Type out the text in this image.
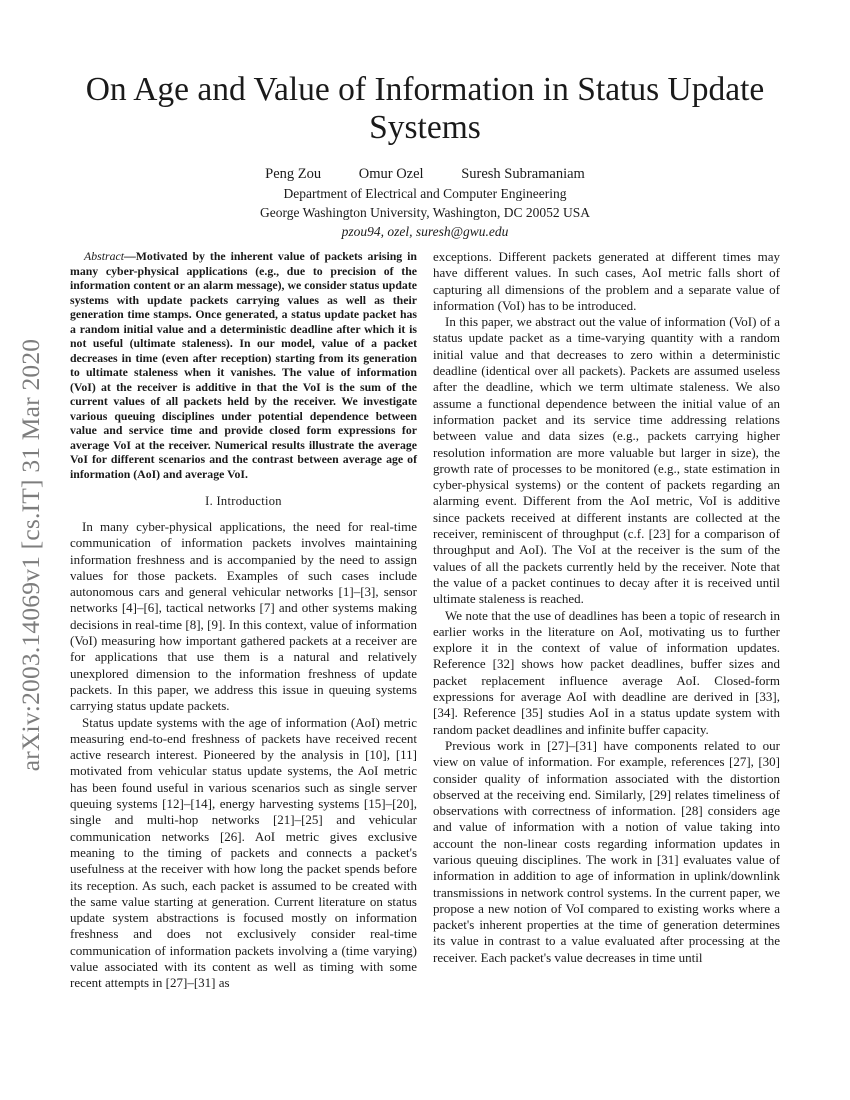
arXiv:2003.14069v1 [cs.IT] 31 Mar 2020
On Age and Value of Information in Status Update Systems
Peng Zou	Omur Ozel	Suresh Subramaniam
Department of Electrical and Computer Engineering
George Washington University, Washington, DC 20052 USA
pzou94, ozel, suresh@gwu.edu

Abstract—Motivated by the inherent value of packets arising in many cyber-physical applications (e.g., due to precision of the information content or an alarm message), we consider status update systems with update packets carrying values as well as their generation time stamps. Once generated, a status update packet has a random initial value and a deterministic deadline after which it is not useful (ultimate staleness). In our model, value of a packet decreases in time (even after reception) starting from its generation to ultimate staleness when it vanishes. The value of information (VoI) at the receiver is additive in that the VoI is the sum of the current values of all packets held by the receiver. We investigate various queuing disciplines under potential dependence between value and service time and provide closed form expressions for average VoI at the receiver. Numerical results illustrate the average VoI for different scenarios and the contrast between average age of information (AoI) and average VoI.

I. Introduction

In many cyber-physical applications, the need for real-time communication of information packets involves maintaining information freshness and is accompanied by the need to assign values for those packets. Examples of such cases include autonomous cars and general vehicular networks [1]–[3], sensor networks [4]–[6], tactical networks [7] and other systems making decisions in real-time [8], [9]. In this context, value of information (VoI) measuring how important gathered packets at a receiver are for applications that use them is a natural and relatively unexplored dimension to the information freshness of update packets. In this paper, we address this issue in queuing systems carrying status update packets.

Status update systems with the age of information (AoI) metric measuring end-to-end freshness of packets have received recent active research interest. Pioneered by the analysis in [10], [11] motivated from vehicular status update systems, the AoI metric has been found useful in various scenarios such as single server queuing systems [12]–[14], energy harvesting systems [15]–[20], single and multi-hop networks [21]–[25] and vehicular communication networks [26]. AoI metric gives exclusive meaning to the timing of packets and connects a packet's usefulness at the receiver with how long the packet spends before its reception. As such, each packet is assumed to be created with the same value starting at generation. Current literature on status update system abstractions is focused mostly on information freshness and does not exclusively consider real-time communication of information packets involving a (time varying) value associated with its content as well as timing with some recent attempts in [27]–[31] as

exceptions. Different packets generated at different times may have different values. In such cases, AoI metric falls short of capturing all dimensions of the problem and a separate value of information (VoI) has to be introduced.

In this paper, we abstract out the value of information (VoI) of a status update packet as a time-varying quantity with a random initial value and that decreases to zero within a deterministic deadline (identical over all packets). Packets are assumed useless after the deadline, which we term ultimate staleness. We also assume a functional dependence between the initial value of an information packet and its service time addressing relations between value and data sizes (e.g., packets carrying higher resolution information are more valuable but larger in size), the growth rate of processes to be monitored (e.g., state estimation in cyber-physical systems) or the content of packets regarding an alarming event. Different from the AoI metric, VoI is additive since packets received at different instants are collected at the receiver, reminiscent of throughput (c.f. [23] for a comparison of throughput and AoI). The VoI at the receiver is the sum of the values of all the packets currently held by the receiver. Note that the value of a packet continues to decay after it is received until ultimate staleness is reached.

We note that the use of deadlines has been a topic of research in earlier works in the literature on AoI, motivating us to further explore it in the context of value of information updates. Reference [32] shows how packet deadlines, buffer sizes and packet replacement influence average AoI. Closed-form expressions for average AoI with deadline are derived in [33], [34]. Reference [35] studies AoI in a status update system with random packet deadlines and infinite buffer capacity.

Previous work in [27]–[31] have components related to our view on value of information. For example, references [27], [30] consider quality of information associated with the distortion observed at the receiving end. Similarly, [29] relates timeliness of observations with correctness of information. [28] considers age and value of information with a notion of value taking into account the non-linear costs regarding information updates in various queuing disciplines. The work in [31] evaluates value of information in addition to age of information in uplink/downlink transmissions in network control systems. In the current paper, we propose a new notion of VoI compared to existing works where a packet's inherent properties at the time of generation determines its value in contrast to a value evaluated after processing at the receiver. Each packet's value decreases in time until
